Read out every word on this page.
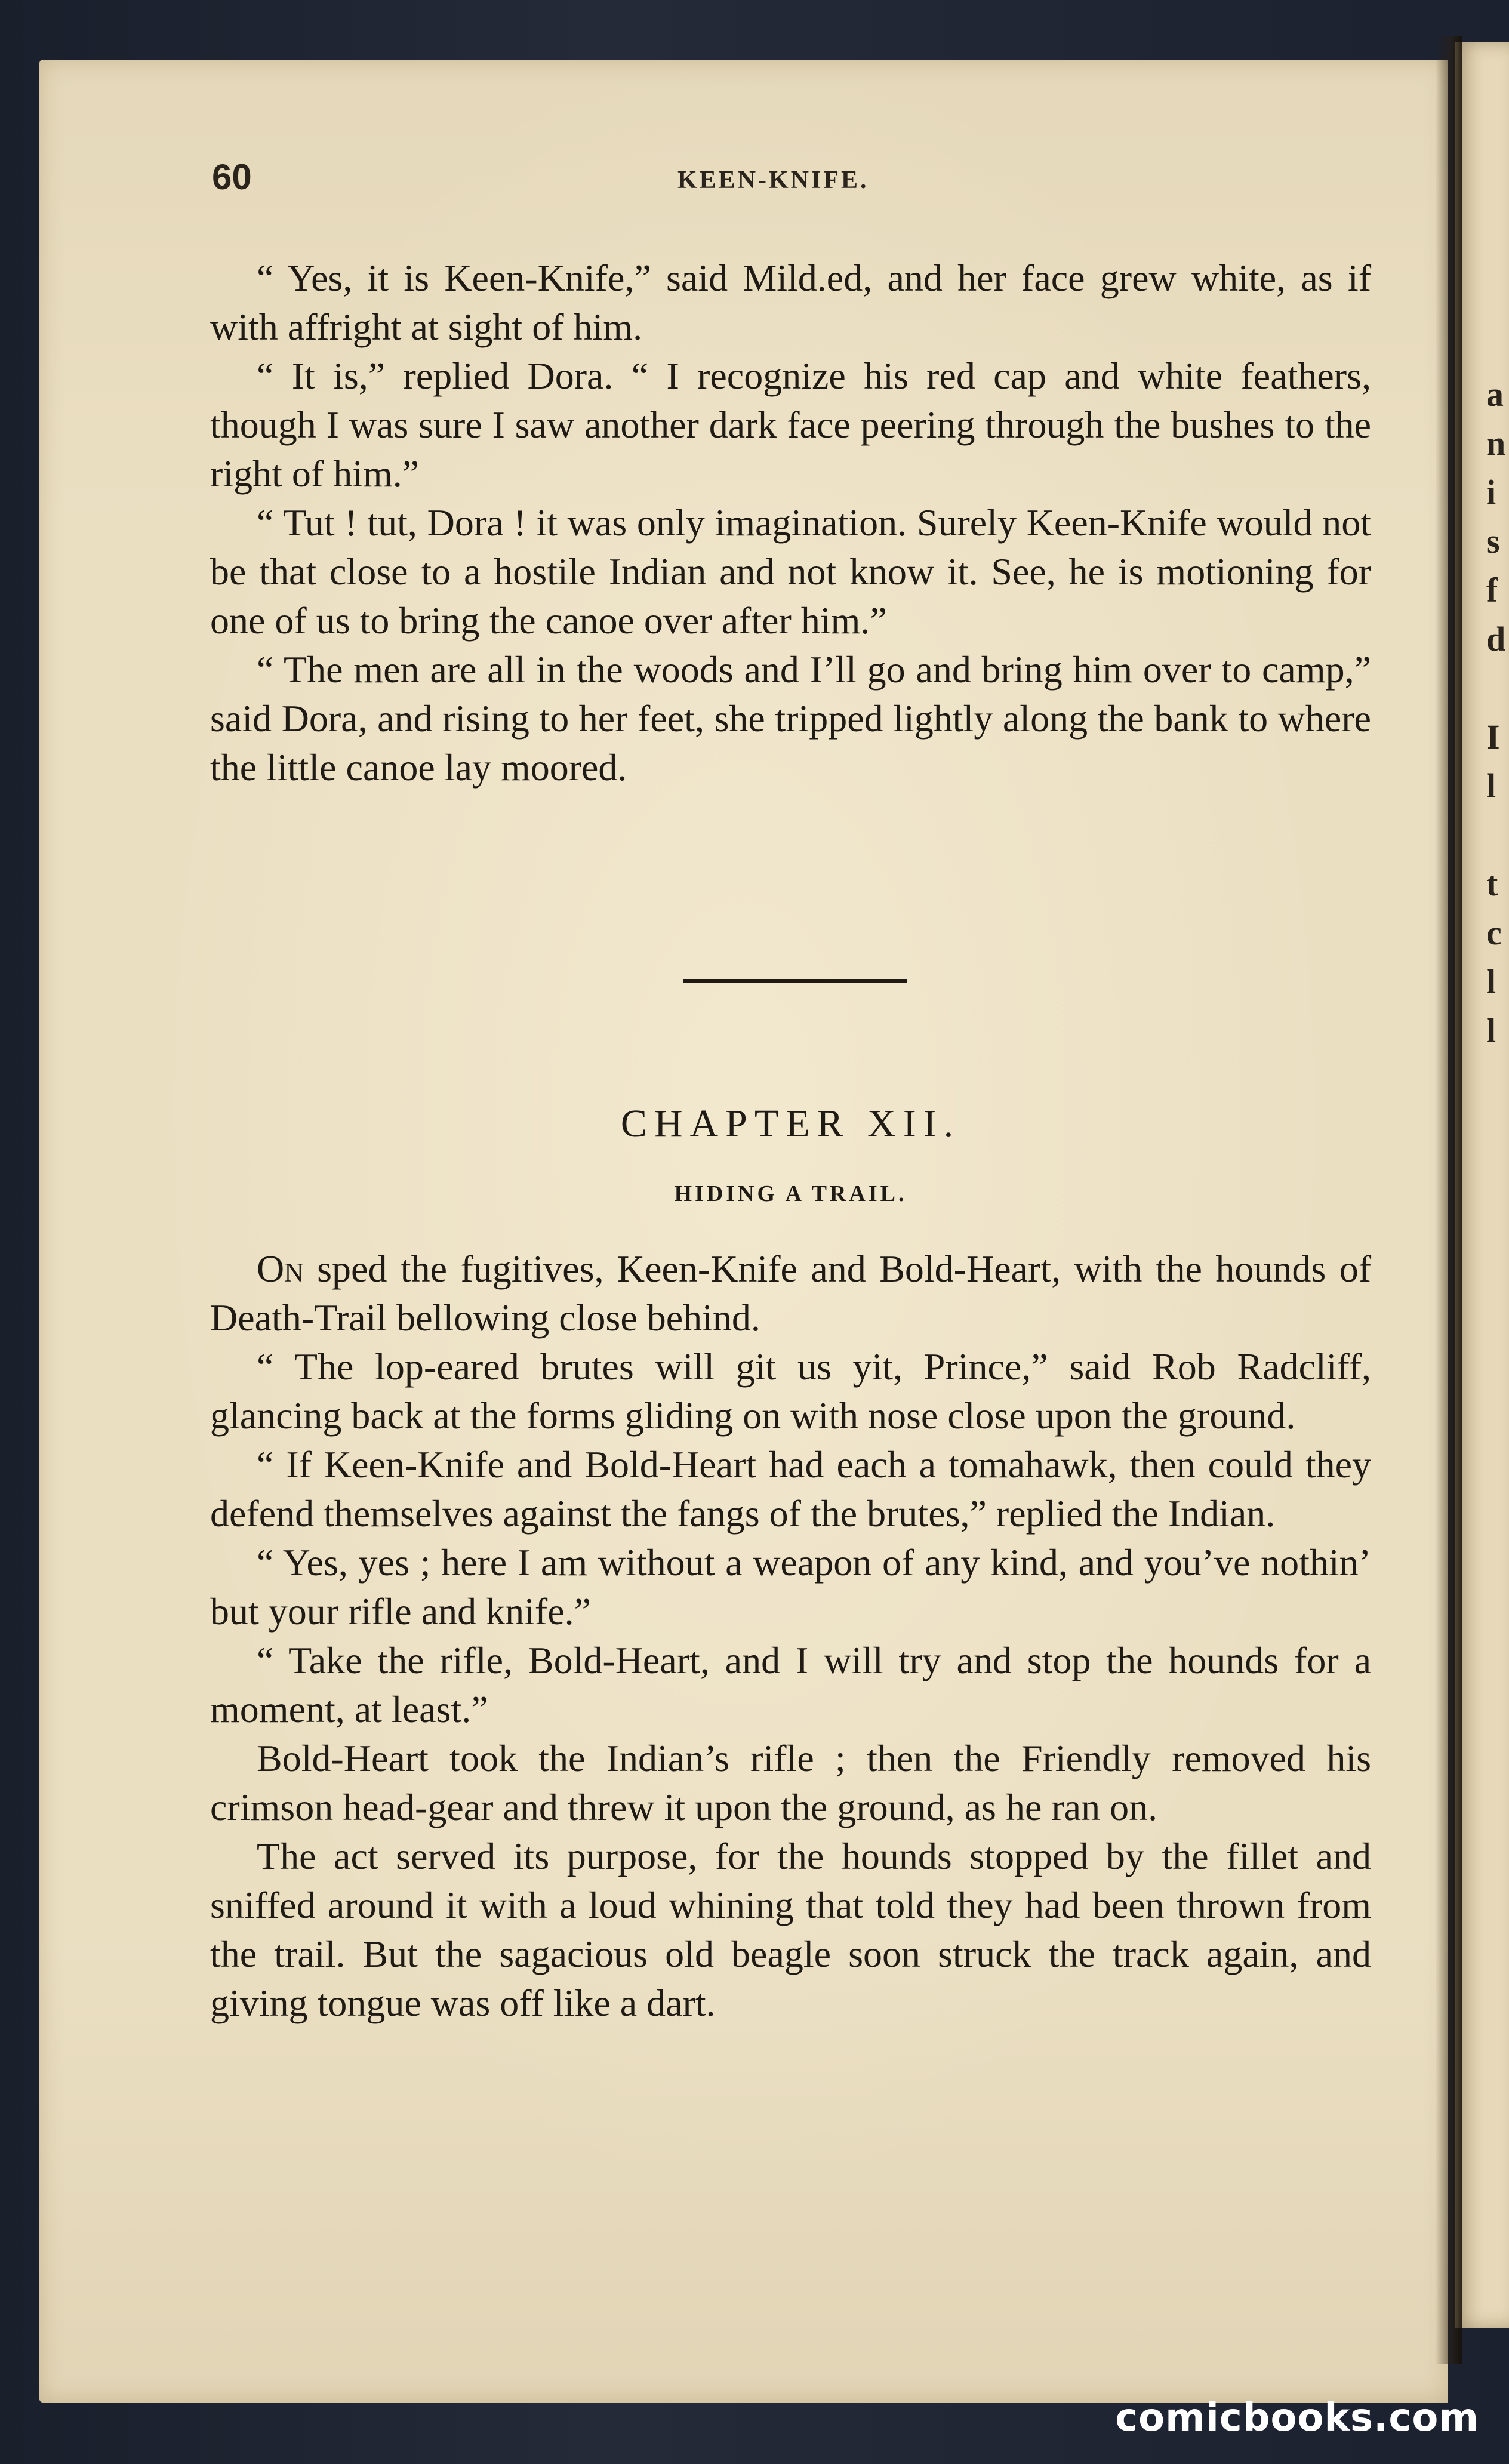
a
n
i
s
f
d
I
l
t
c
l
l
60	KEEN-KNIFE.

“ Yes, it is Keen-Knife,” said Mild.ed, and her face grew white, as if with affright at sight of him.

“ It is,” replied Dora. “ I recognize his red cap and white feathers, though I was sure I saw another dark face peering through the bushes to the right of him.”

“ Tut ! tut, Dora ! it was only imagination. Surely Keen-Knife would not be that close to a hostile Indian and not know it. See, he is motioning for one of us to bring the canoe over after him.”

“ The men are all in the woods and I’ll go and bring him over to camp,” said Dora, and rising to her feet, she tripped lightly along the bank to where the little canoe lay moored.

CHAPTER XII.
HIDING A TRAIL.

On sped the fugitives, Keen-Knife and Bold-Heart, with the hounds of Death-Trail bellowing close behind.

“ The lop-eared brutes will git us yit, Prince,” said Rob Radcliff, glancing back at the forms gliding on with nose close upon the ground.

“ If Keen-Knife and Bold-Heart had each a tomahawk, then could they defend themselves against the fangs of the brutes,” replied the Indian.

“ Yes, yes ; here I am without a weapon of any kind, and you’ve nothin’ but your rifle and knife.”

“ Take the rifle, Bold-Heart, and I will try and stop the hounds for a moment, at least.”

Bold-Heart took the Indian’s rifle ; then the Friendly removed his crimson head-gear and threw it upon the ground, as he ran on.

The act served its purpose, for the hounds stopped by the fillet and sniffed around it with a loud whining that told they had been thrown from the trail. But the sagacious old beagle soon struck the track again, and giving tongue was off like a dart.

comicbooks.com
